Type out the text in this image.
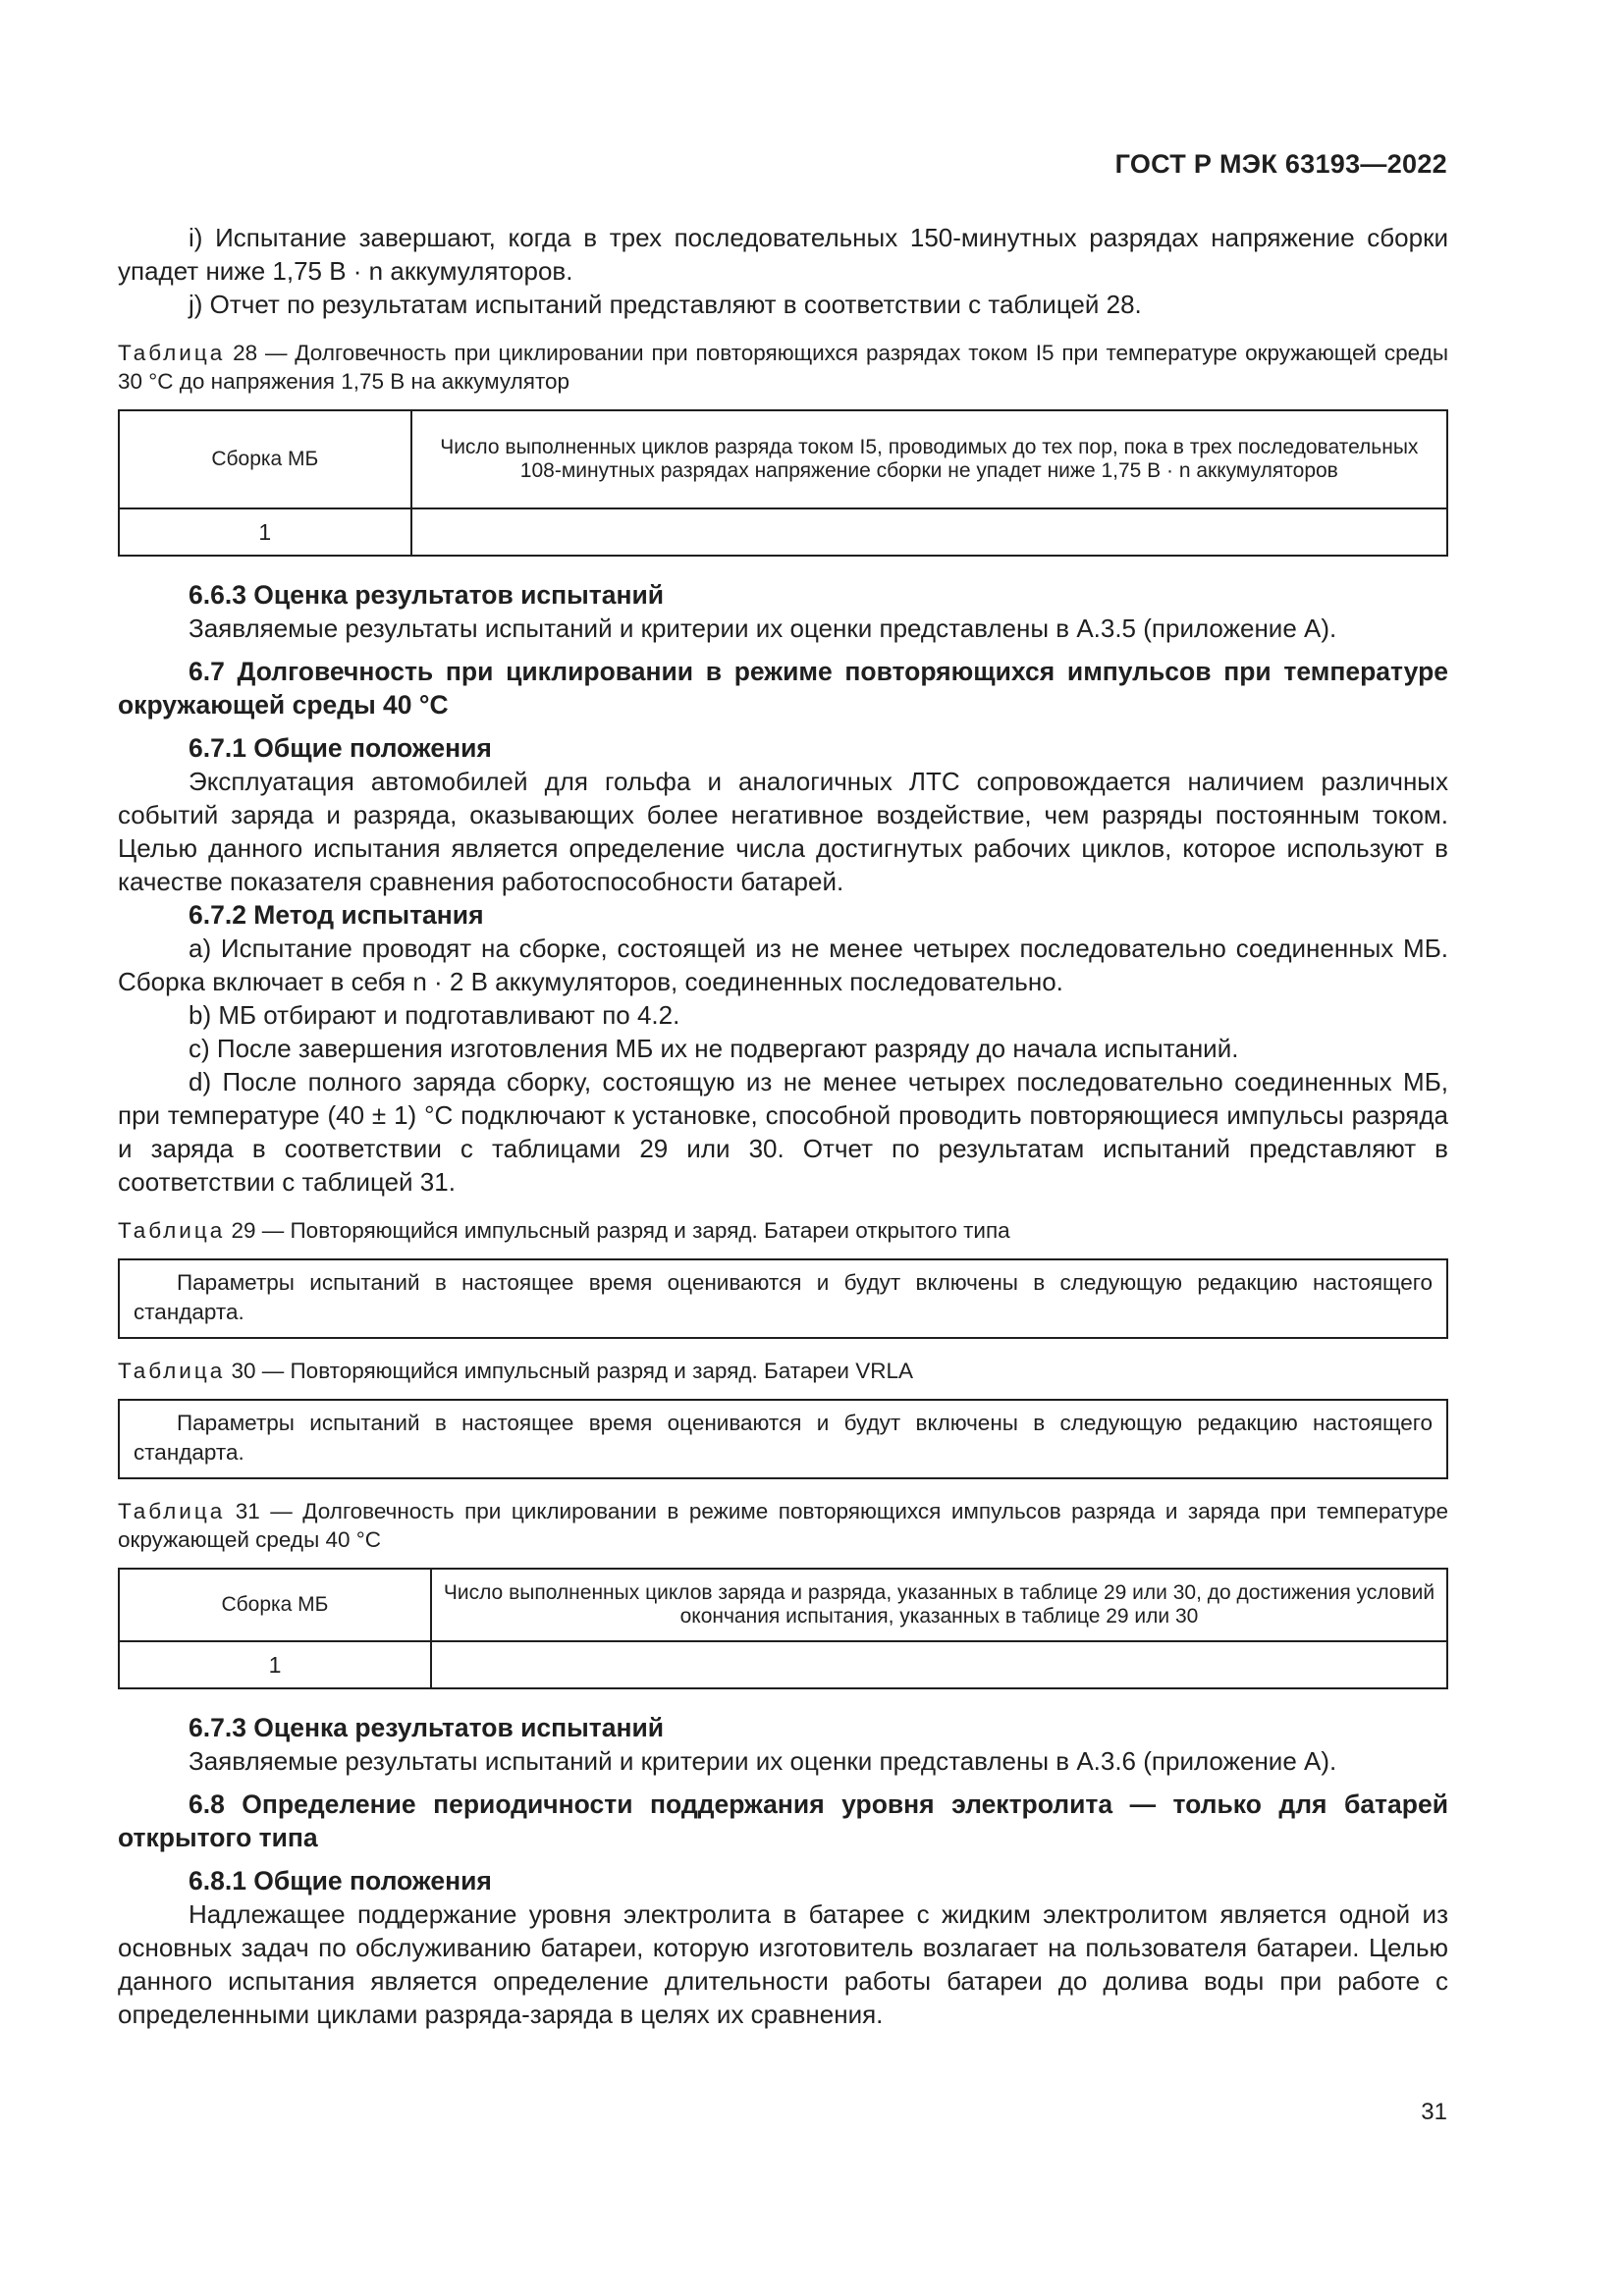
ГОСТ Р МЭК 63193—2022

i) Испытание завершают, когда в трех последовательных 150-минутных разрядах напряжение сборки упадет ниже 1,75 В · n аккумуляторов.

j) Отчет по результатам испытаний представляют в соответствии с таблицей 28.

Таблица 28 — Долговечность при циклировании при повторяющихся разрядах током I5 при температуре окружающей среды 30 °С до напряжения 1,75 В на аккумулятор

Сборка МБ	Число выполненных циклов разряда током I5, проводимых до тех пор, пока в трех последовательных 108-минутных разрядах напряжение сборки не упадет ниже 1,75 В · n аккумуляторов
1	

6.6.3 Оценка результатов испытаний

Заявляемые результаты испытаний и критерии их оценки представлены в А.3.5 (приложение А).

6.7 Долговечность при циклировании в режиме повторяющихся импульсов при температуре окружающей среды 40 °С

6.7.1 Общие положения

Эксплуатация автомобилей для гольфа и аналогичных ЛТС сопровождается наличием различных событий заряда и разряда, оказывающих более негативное воздействие, чем разряды постоянным током. Целью данного испытания является определение числа достигнутых рабочих циклов, которое используют в качестве показателя сравнения работоспособности батарей.

6.7.2 Метод испытания

a) Испытание проводят на сборке, состоящей из не менее четырех последовательно соединенных МБ. Сборка включает в себя n · 2 В аккумуляторов, соединенных последовательно.

b) МБ отбирают и подготавливают по 4.2.

c) После завершения изготовления МБ их не подвергают разряду до начала испытаний.

d) После полного заряда сборку, состоящую из не менее четырех последовательно соединенных МБ, при температуре (40 ± 1) °С подключают к установке, способной проводить повторяющиеся импульсы разряда и заряда в соответствии с таблицами 29 или 30. Отчет по результатам испытаний представляют в соответствии с таблицей 31.

Таблица 29 — Повторяющийся импульсный разряд и заряд. Батареи открытого типа

Параметры испытаний в настоящее время оцениваются и будут включены в следующую редакцию настоящего стандарта.

Таблица 30 — Повторяющийся импульсный разряд и заряд. Батареи VRLA

Параметры испытаний в настоящее время оцениваются и будут включены в следующую редакцию настоящего стандарта.

Таблица 31 — Долговечность при циклировании в режиме повторяющихся импульсов разряда и заряда при температуре окружающей среды 40 °С

Сборка МБ	Число выполненных циклов заряда и разряда, указанных в таблице 29 или 30, до достижения условий окончания испытания, указанных в таблице 29 или 30
1	

6.7.3 Оценка результатов испытаний

Заявляемые результаты испытаний и критерии их оценки представлены в А.3.6 (приложение А).

6.8 Определение периодичности поддержания уровня электролита — только для батарей открытого типа

6.8.1 Общие положения

Надлежащее поддержание уровня электролита в батарее с жидким электролитом является одной из основных задач по обслуживанию батареи, которую изготовитель возлагает на пользователя батареи. Целью данного испытания является определение длительности работы батареи до долива воды при работе с определенными циклами разряда-заряда в целях их сравнения.

31
